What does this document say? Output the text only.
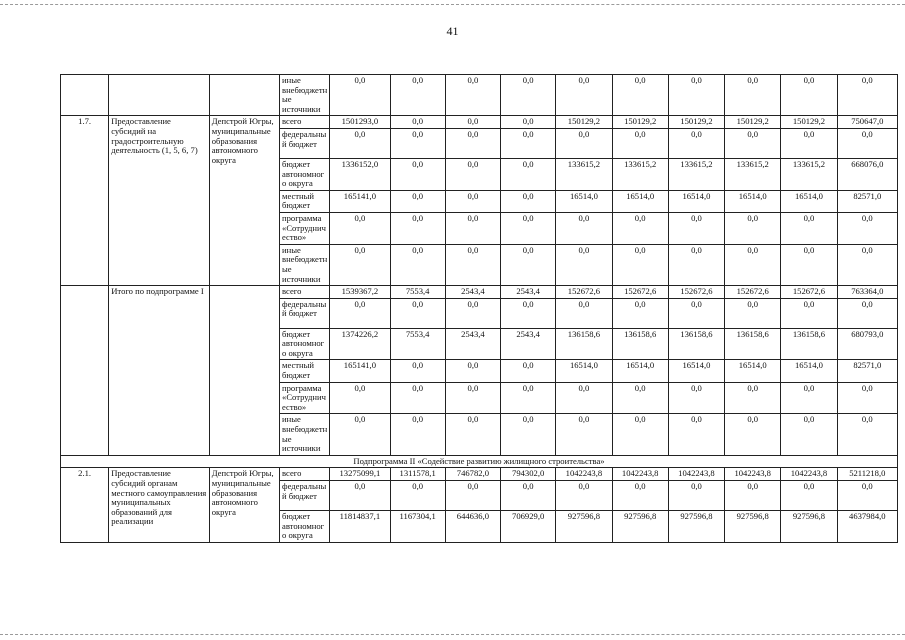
41
			иные внебюджетные источники	0,0	0,0	0,0	0,0	0,0	0,0	0,0	0,0	0,0	0,0
1.7.	Предоставление субсидий на градостроительную деятельность (1, 5, 6, 7)	Депстрой Югры, муниципальные образования автономного округа	всего	1501293,0	0,0	0,0	0,0	150129,2	150129,2	150129,2	150129,2	150129,2	750647,0
			федеральный бюджет	0,0	0,0	0,0	0,0	0,0	0,0	0,0	0,0	0,0	0,0
			бюджет автономного округа	1336152,0	0,0	0,0	0,0	133615,2	133615,2	133615,2	133615,2	133615,2	668076,0
			местный бюджет	165141,0	0,0	0,0	0,0	16514,0	16514,0	16514,0	16514,0	16514,0	82571,0
			программа «Сотрудничество»	0,0	0,0	0,0	0,0	0,0	0,0	0,0	0,0	0,0	0,0
			иные внебюджетные источники	0,0	0,0	0,0	0,0	0,0	0,0	0,0	0,0	0,0	0,0
	Итого по подпрограмме I		всего	1539367,2	7553,4	2543,4	2543,4	152672,6	152672,6	152672,6	152672,6	152672,6	763364,0
			федеральный бюджет	0,0	0,0	0,0	0,0	0,0	0,0	0,0	0,0	0,0	0,0
			бюджет автономного округа	1374226,2	7553,4	2543,4	2543,4	136158,6	136158,6	136158,6	136158,6	136158,6	680793,0
			местный бюджет	165141,0	0,0	0,0	0,0	16514,0	16514,0	16514,0	16514,0	16514,0	82571,0
			программа «Сотрудничество»	0,0	0,0	0,0	0,0	0,0	0,0	0,0	0,0	0,0	0,0
			иные внебюджетные источники	0,0	0,0	0,0	0,0	0,0	0,0	0,0	0,0	0,0	0,0
Подпрограмма II «Содействие развитию жилищного строительства»													
2.1.	Предоставление субсидий органам местного самоуправления муниципальных образований для реализации	Депстрой Югры, муниципальные образования автономного округа	всего	13275099,1	1311578,1	746782,0	794302,0	1042243,8	1042243,8	1042243,8	1042243,8	1042243,8	5211218,0
			федеральный бюджет	0,0	0,0	0,0	0,0	0,0	0,0	0,0	0,0	0,0	0,0
			бюджет автономного округа	11814837,1	1167304,1	644636,0	706929,0	927596,8	927596,8	927596,8	927596,8	927596,8	4637984,0
